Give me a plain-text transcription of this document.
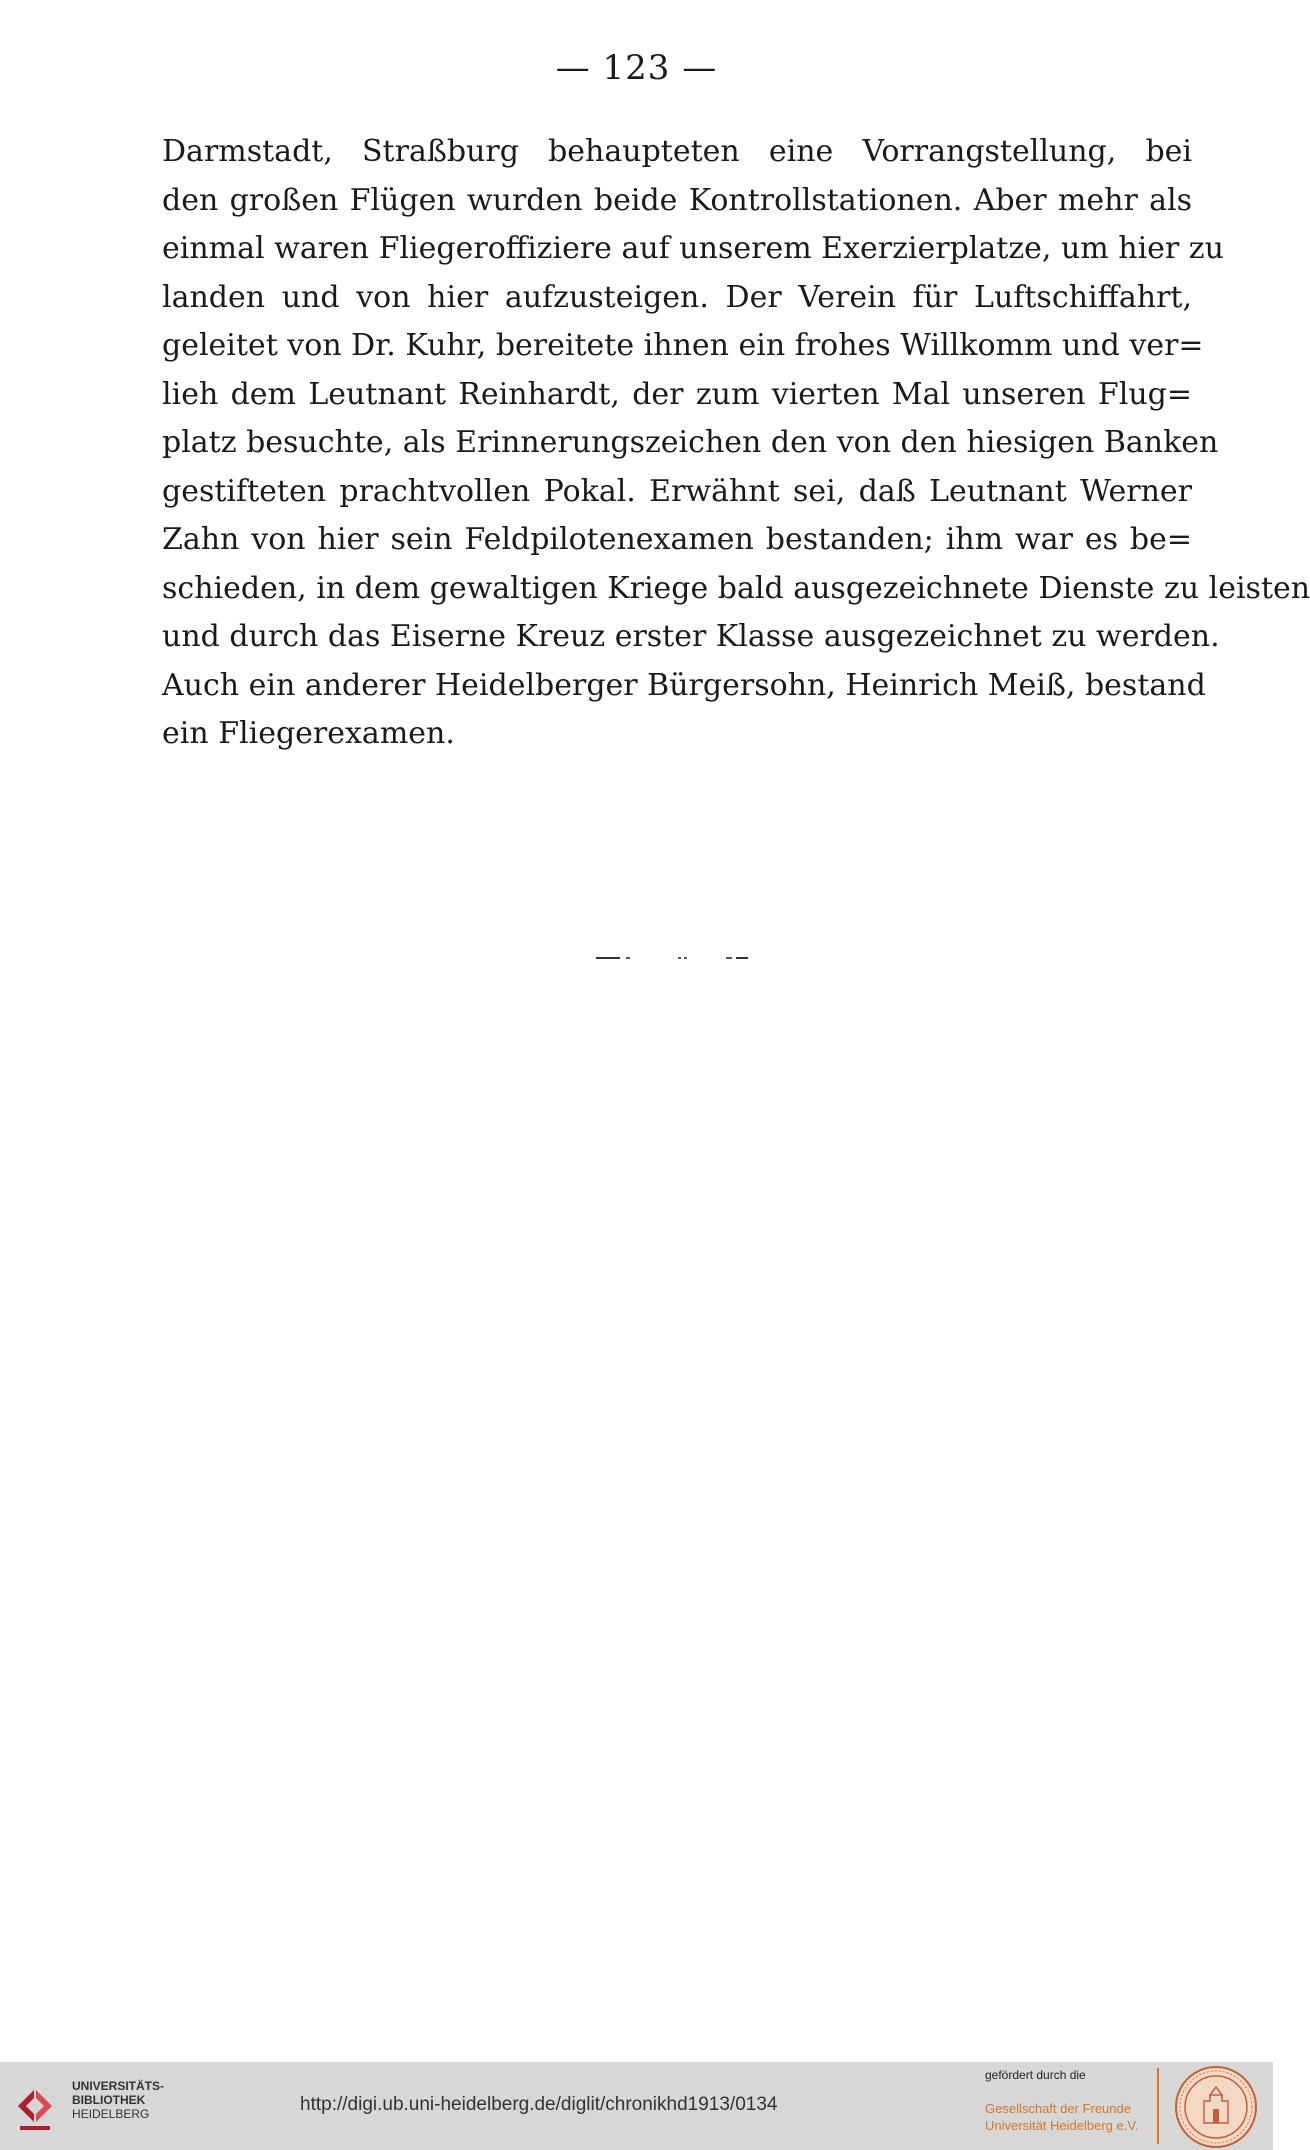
— 123 —
Darmstadt, Straßburg behaupteten eine Vorrangstellung, bei
den großen Flügen wurden beide Kontrollstationen. Aber mehr als
einmal waren Fliegeroffiziere auf unserem Exerzierplatze, um hier zu
landen und von hier aufzusteigen. Der Verein für Luftschiffahrt,
geleitet von Dr. Kuhr, bereitete ihnen ein frohes Willkomm und ver=
lieh dem Leutnant Reinhardt, der zum vierten Mal unseren Flug=
platz besuchte, als Erinnerungszeichen den von den hiesigen Banken
gestifteten prachtvollen Pokal. Erwähnt sei, daß Leutnant Werner
Zahn von hier sein Feldpilotenexamen bestanden; ihm war es be=
schieden, in dem gewaltigen Kriege bald ausgezeichnete Dienste zu leisten
und durch das Eiserne Kreuz erster Klasse ausgezeichnet zu werden.
Auch ein anderer Heidelberger Bürgersohn, Heinrich Meiß, bestand
ein Fliegerexamen.
UNIVERSITÄTS-
BIBLIOTHEK
HEIDELBERG	http://digi.ub.uni-heidelberg.de/diglit/chronikhd1913/0134
gefördert durch die
Gesellschaft der Freunde
Universität Heidelberg e.V.
